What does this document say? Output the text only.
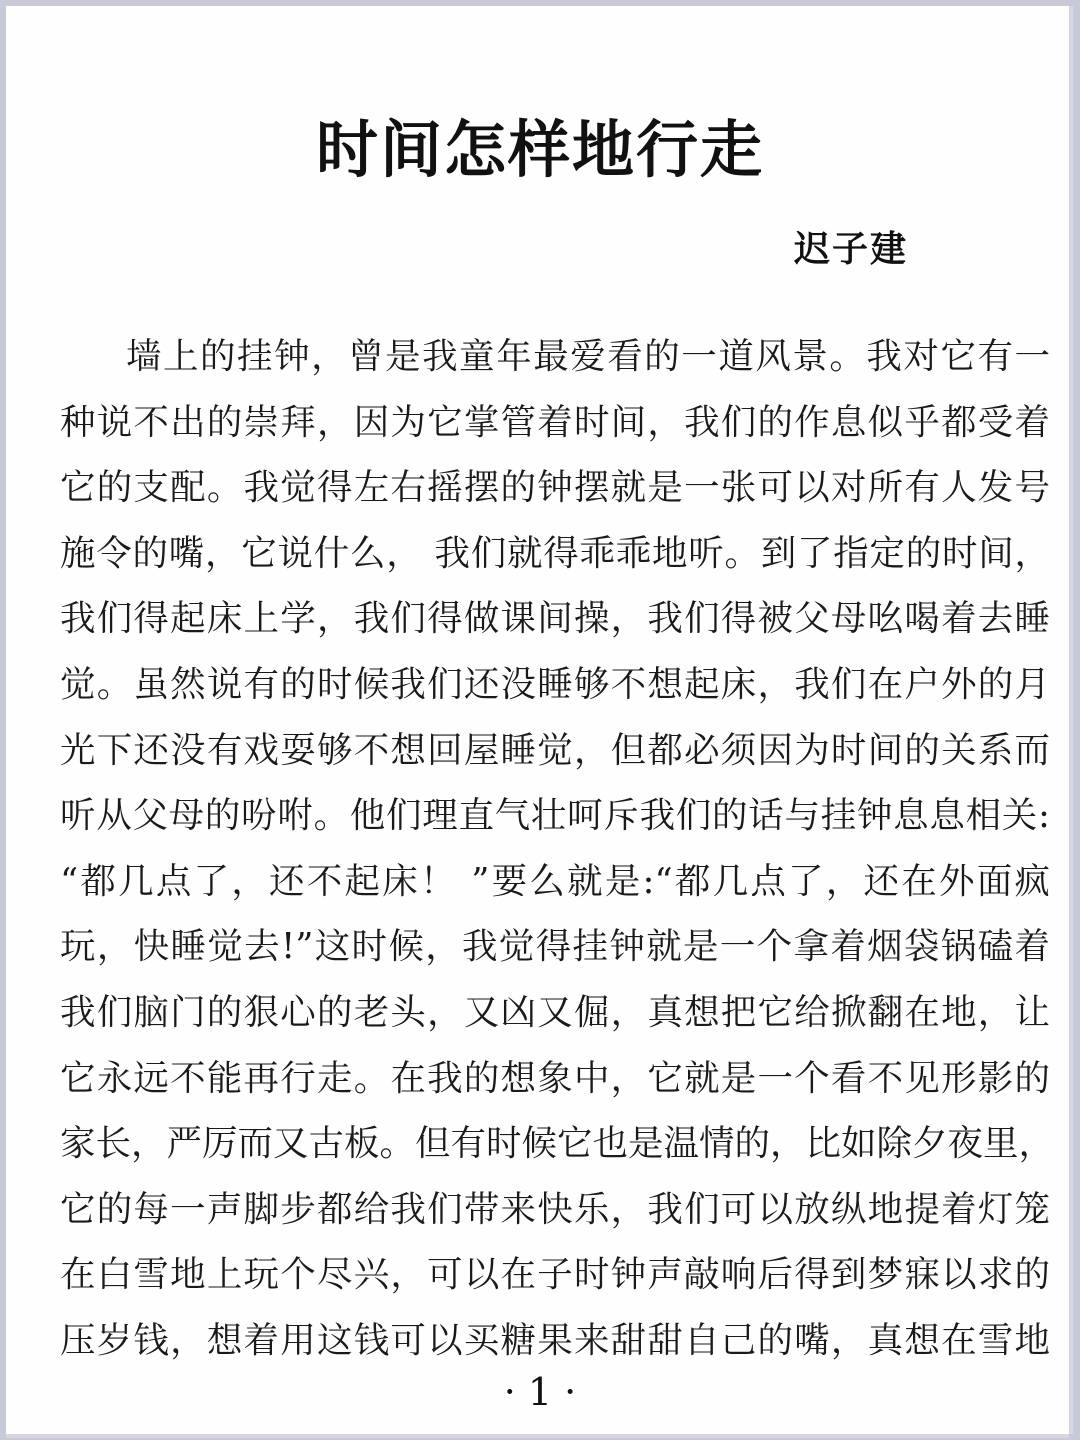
时间怎样地行走
迟子建
墙上的挂钟，曾是我童年最爱看的一道风景。我对它有一
种说不出的崇拜，因为它掌管着时间，我们的作息似乎都受着
它的支配。我觉得左右摇摆的钟摆就是一张可以对所有人发号
施令的嘴，它说什么， 我们就得乖乖地听。到了指定的时间，
我们得起床上学，我们得做课间操，我们得被父母吆喝着去睡
觉。虽然说有的时候我们还没睡够不想起床，我们在户外的月
光下还没有戏耍够不想回屋睡觉，但都必须因为时间的关系而
听从父母的吩咐。他们理直气壮呵斥我们的话与挂钟息息相关:
“都几点了，还不起床！ ”要么就是:“都几点了，还在外面疯
玩，快睡觉去!”这时候，我觉得挂钟就是一个拿着烟袋锅磕着
我们脑门的狠心的老头，又凶又倔，真想把它给掀翻在地，让
它永远不能再行走。在我的想象中，它就是一个看不见形影的
家长，严厉而又古板。但有时候它也是温情的，比如除夕夜里，
它的每一声脚步都给我们带来快乐，我们可以放纵地提着灯笼
在白雪地上玩个尽兴，可以在子时钟声敲响后得到梦寐以求的
压岁钱，想着用这钱可以买糖果来甜甜自己的嘴，真想在雪地
· 1 ·
